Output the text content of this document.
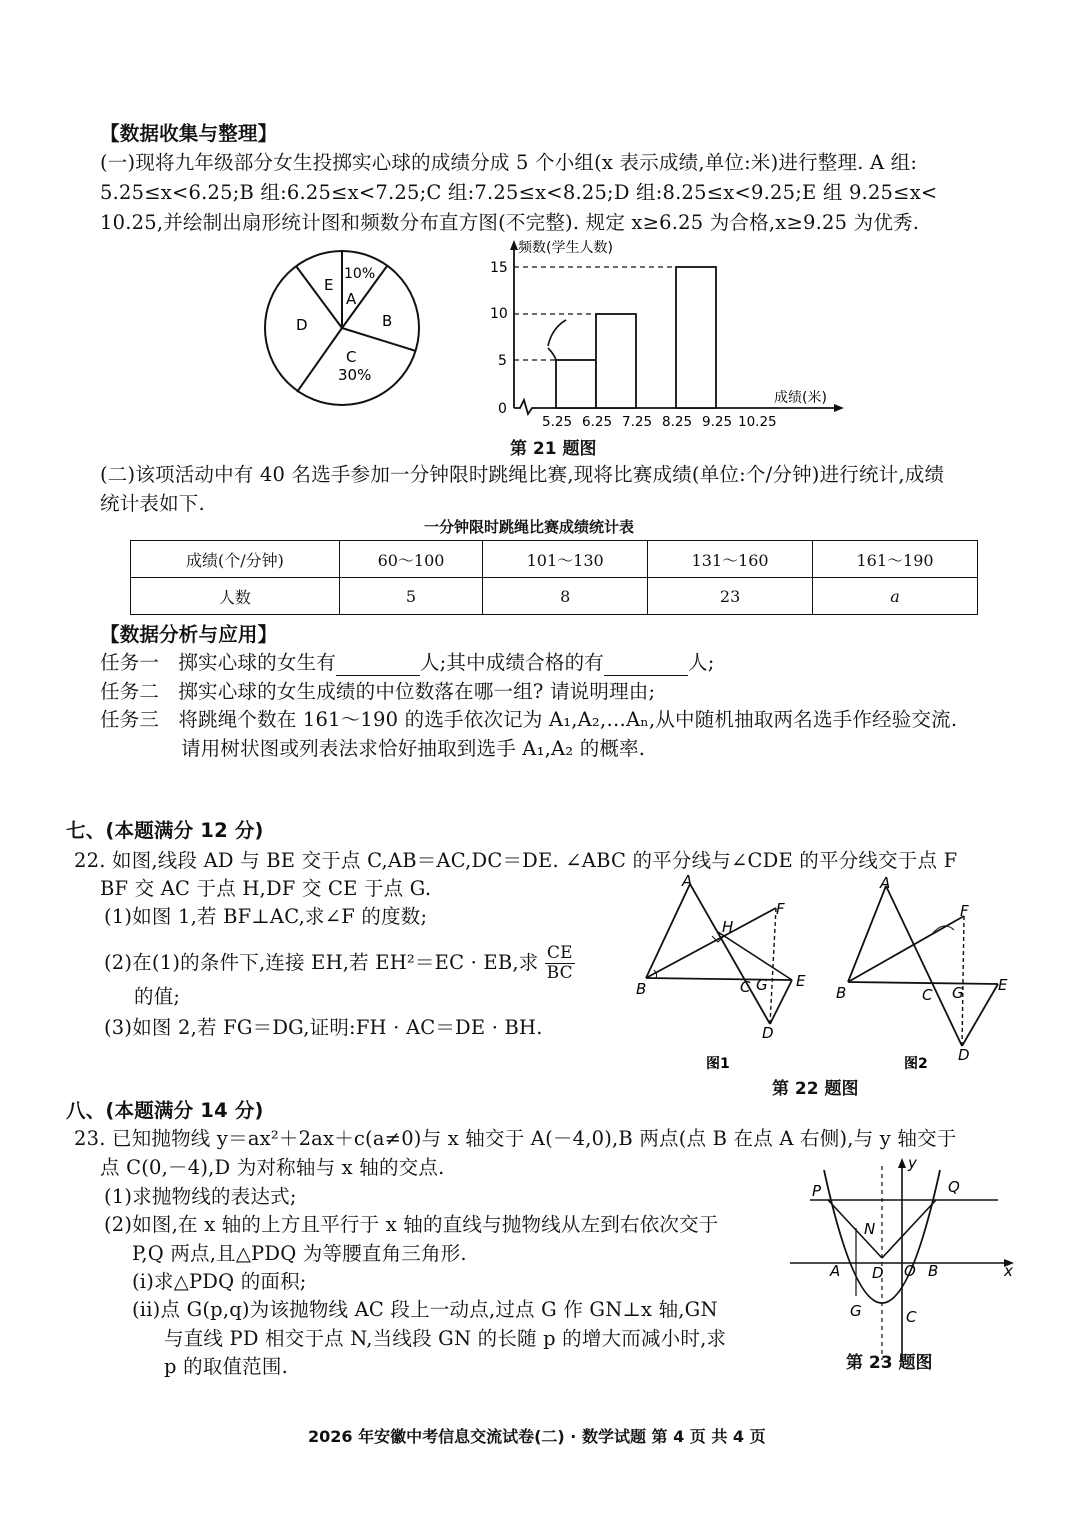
【数据收集与整理】
(一)现将九年级部分女生投掷实心球的成绩分成 5 个小组(x 表示成绩,单位:米)进行整理. A 组:
5.25≤x<6.25;B 组:6.25≤x<7.25;C 组:7.25≤x<8.25;D 组:8.25≤x<9.25;E 组 9.25≤x<
10.25,并绘制出扇形统计图和频数分布直方图(不完整). 规定 x≥6.25 为合格,x≥9.25 为优秀.
A
10%
B
C
30%
D
E
频数(学生人数)
成绩(米)
0
5
10
15
5.25 6.25 7.25 8.25 9.25 10.25
第 21 题图
(二)该项活动中有 40 名选手参加一分钟限时跳绳比赛,现将比赛成绩(单位:个/分钟)进行统计,成绩
统计表如下.
一分钟限时跳绳比赛成绩统计表
成绩(个/分钟)	60～100	101～130	131～160	161～190
人数	5	8	23	a
【数据分析与应用】
任务一 掷实心球的女生有	人;其中成绩合格的有	人;
任务二 掷实心球的女生成绩的中位数落在哪一组? 请说明理由;
任务三 将跳绳个数在 161～190 的选手依次记为 A₁,A₂,…Aₙ,从中随机抽取两名选手作经验交流.
请用树状图或列表法求恰好抽取到选手 A₁,A₂ 的概率.
七、(本题满分 12 分)
22. 如图,线段 AD 与 BE 交于点 C,AB＝AC,DC＝DE. ∠ABC 的平分线与∠CDE 的平分线交于点 F
BF 交 AC 于点 H,DF 交 CE 于点 G.
(1)如图 1,若 BF⊥AC,求∠F 的度数;
(2)在(1)的条件下,连接 EH,若 EH²＝EC · EB,求 $\frac{CE}{BC}$
的值;
(3)如图 2,若 FG＝DG,证明:FH · AC＝DE · BH.
A
H
F
B	C G E
D
图1
A
F
B	C G E
D
图2
第 22 题图
八、(本题满分 14 分)
23. 已知抛物线 y＝ax²＋2ax＋c(a≠0)与 x 轴交于 A(－4,0),B 两点(点 B 在点 A 右侧),与 y 轴交于
点 C(0,－4),D 为对称轴与 x 轴的交点.
(1)求抛物线的表达式;
(2)如图,在 x 轴的上方且平行于 x 轴的直线与抛物线从左到右依次交于
P,Q 两点,且△PDQ 为等腰直角三角形.
(i)求△PDQ 的面积;
(ii)点 G(p,q)为该抛物线 AC 段上一动点,过点 G 作 GN⊥x 轴,GN
与直线 PD 相交于点 N,当线段 GN 的长随 p 的增大而减小时,求
p 的取值范围.
y
x
P	Q
N
A D O B
G	C
第 23 题图
2026 年安徽中考信息交流试卷(二) · 数学试题 第 4 页 共 4 页
